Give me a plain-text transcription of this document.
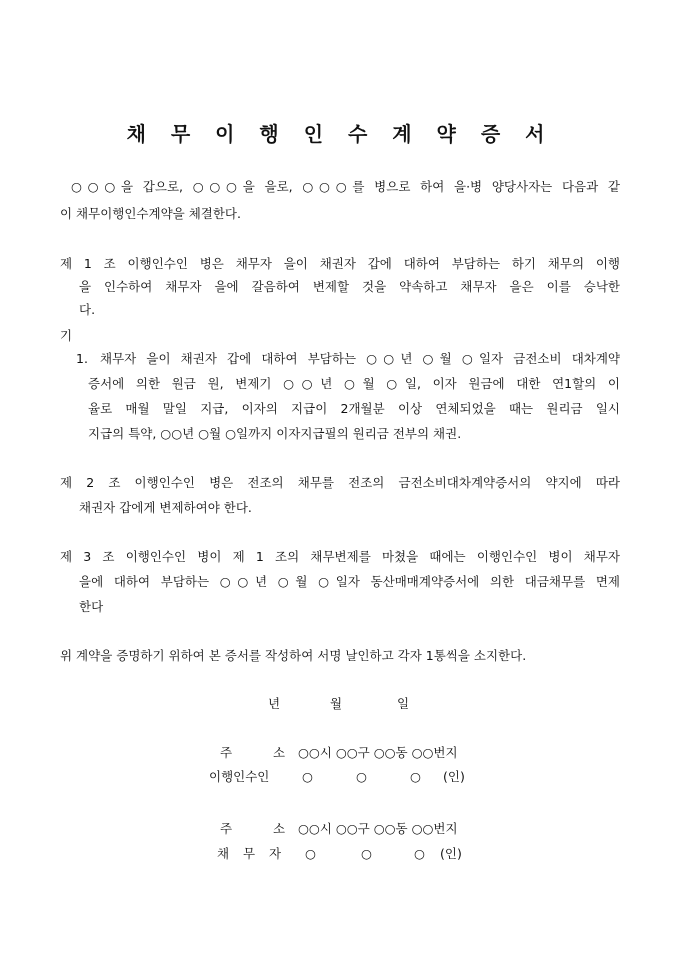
채 무 이 행 인 수 계 약 증 서
○○○을 갑으로, ○○○을 을로, ○○○를 병으로 하여 을·병 양당사자는 다음과 같
이 채무이행인수계약을 체결한다.
제 1 조 이행인수인 병은 채무자 을이 채권자 갑에 대하여 부담하는 하기 채무의 이행
을 인수하여 채무자 을에 갈음하여 변제할 것을 약속하고 채무자 을은 이를 승낙한
다.
기
1. 채무자 을이 채권자 갑에 대하여 부담하는 ○○년 ○월 ○일자 금전소비 대차계약
증서에 의한 원금 원, 변제기 ○○년 ○월 ○일, 이자 원금에 대한 연1할의 이
율로 매월 말일 지급, 이자의 지급이 2개월분 이상 연체되었을 때는 원리금 일시
지급의 특약, ○○년 ○월 ○일까지 이자지급필의 원리금 전부의 채권.
제 2 조 이행인수인 병은 전조의 채무를 전조의 금전소비대차계약증서의 약지에 따라
채권자 갑에게 변제하여야 한다.
제 3 조 이행인수인 병이 제 1 조의 채무변제를 마쳤을 때에는 이행인수인 병이 채무자
을에 대하여 부담하는 ○○년 ○월 ○일자 동산매매계약증서에 의한 대금채무를 면제
한다
위 계약을 증명하기 위하여 본 증서를 작성하여 서명 날인하고 각자 1통씩을 소지한다.
년	월	일
주	소 ○○시 ○○구 ○○동 ○○번지
이행인수인	○	○	○ (인)
주	소 ○○시 ○○구 ○○동 ○○번지
채 무 자 ○	○	○ (인)
